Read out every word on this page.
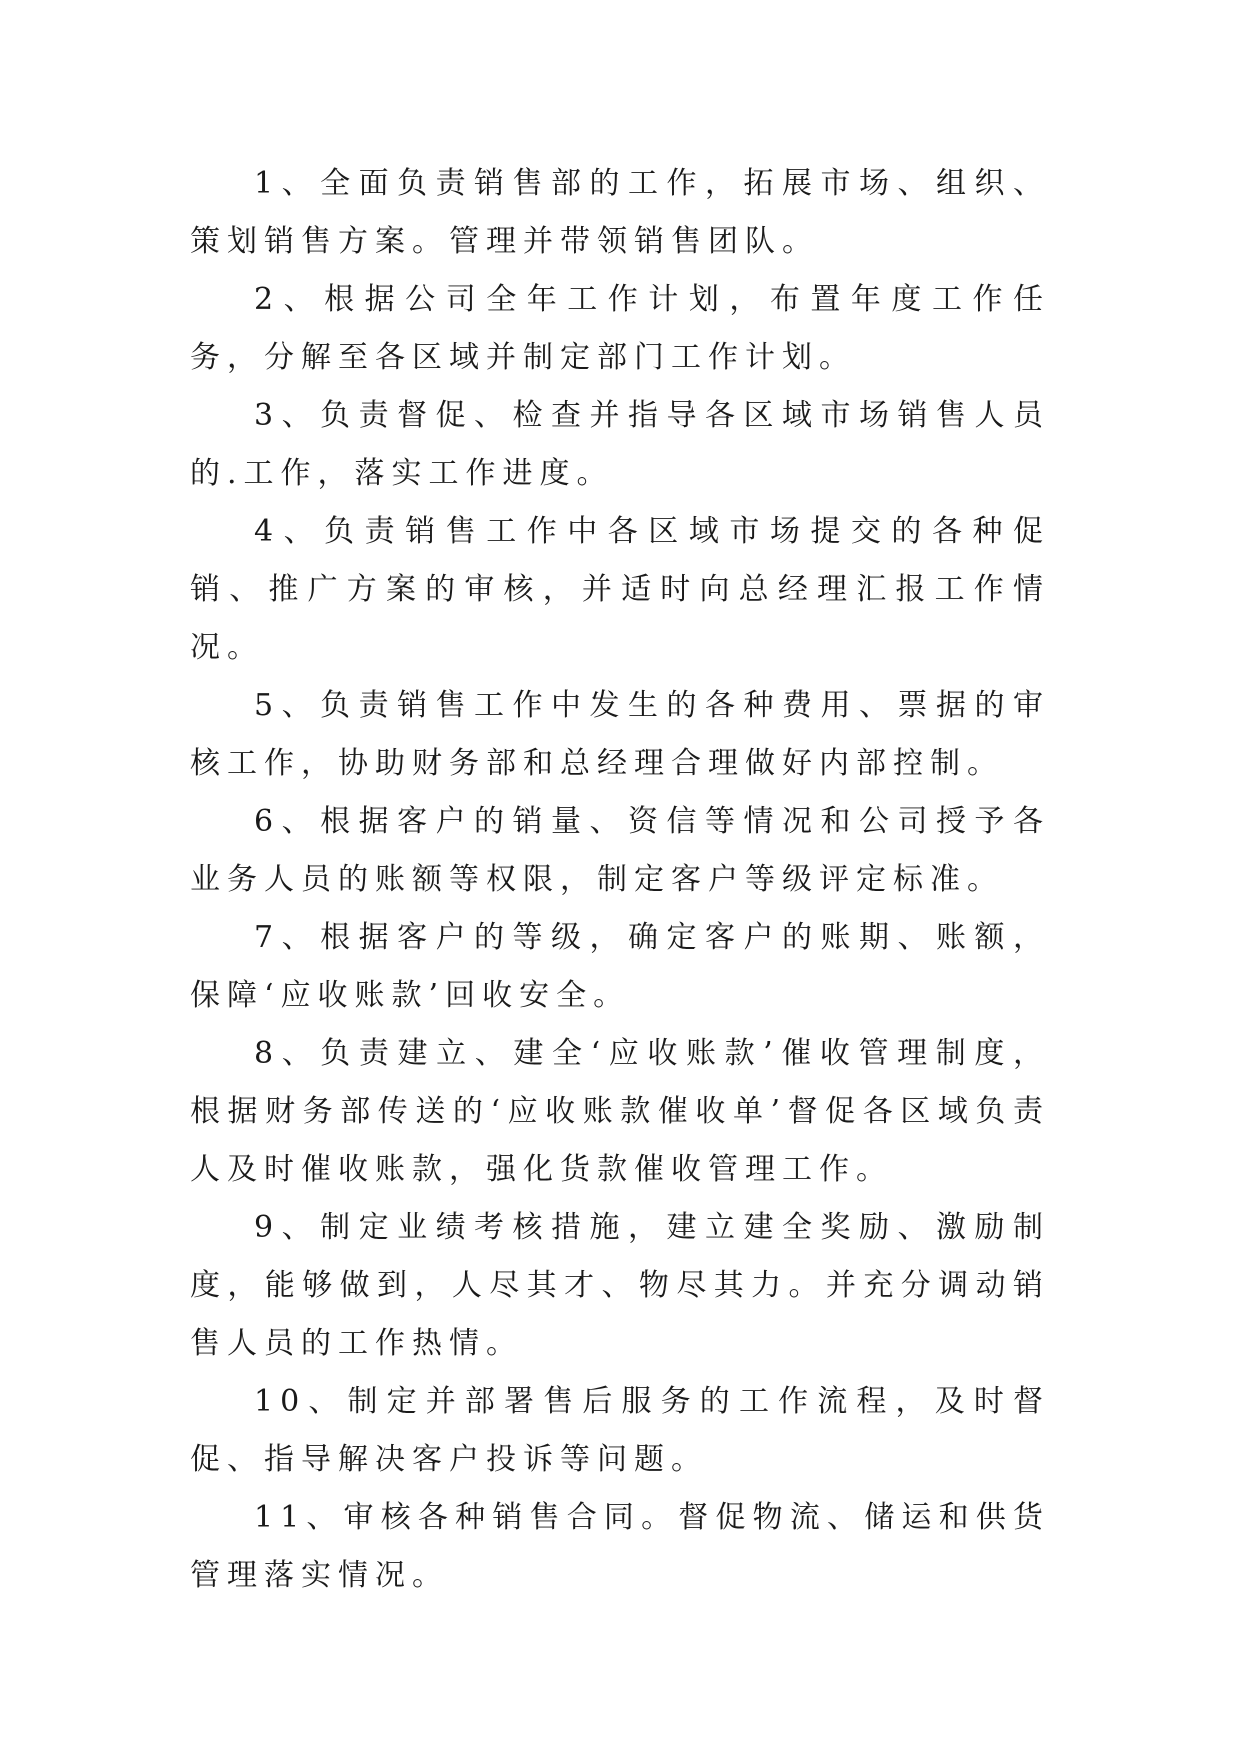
1、全面负责销售部的工作，拓展市场、组织、策划销售方案。管理并带领销售团队。

2、根据公司全年工作计划，布置年度工作任务，分解至各区域并制定部门工作计划。

3、负责督促、检查并指导各区域市场销售人员的.工作，落实工作进度。

4、负责销售工作中各区域市场提交的各种促销、推广方案的审核，并适时向总经理汇报工作情况。

5、负责销售工作中发生的各种费用、票据的审核工作，协助财务部和总经理合理做好内部控制。

6、根据客户的销量、资信等情况和公司授予各业务人员的账额等权限，制定客户等级评定标准。

7、根据客户的等级，确定客户的账期、账额，保障‘应收账款’回收安全。

8、负责建立、建全‘应收账款’催收管理制度，根据财务部传送的‘应收账款催收单’督促各区域负责人及时催收账款，强化货款催收管理工作。

9、制定业绩考核措施，建立建全奖励、激励制度，能够做到，人尽其才、物尽其力。并充分调动销售人员的工作热情。

10、制定并部署售后服务的工作流程，及时督促、指导解决客户投诉等问题。

11、审核各种销售合同。督促物流、储运和供货管理落实情况。
